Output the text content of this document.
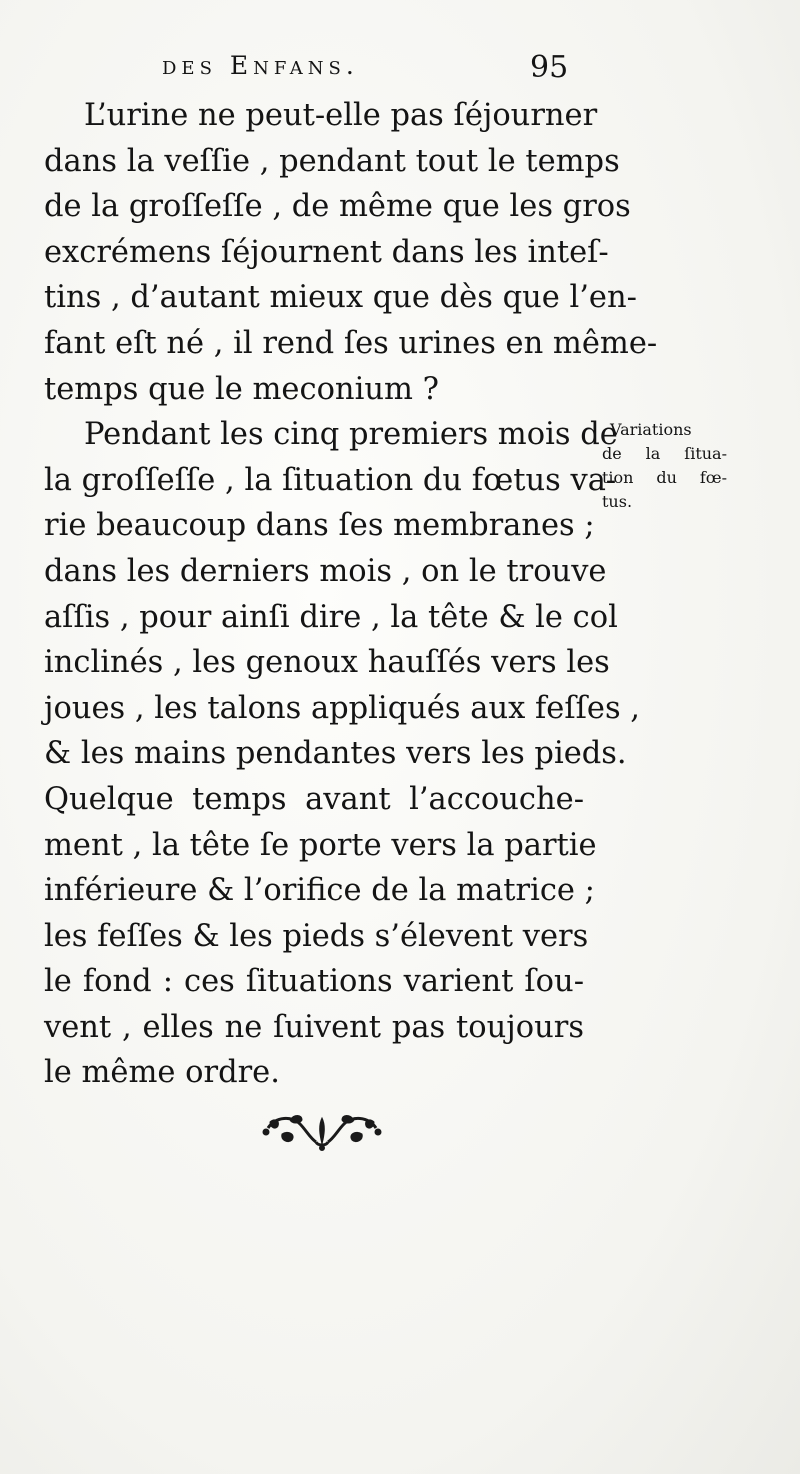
des Enfans.	95
L’urine ne peut-elle pas ſéjourner
dans la veſſie , pendant tout le temps
de la groſſeſſe , de même que les gros
excrémens ſéjournent dans les inteſ-
tins , d’autant mieux que dès que l’en-
fant eſt né , il rend ſes urines en même-
temps que le meconium ?
Pendant les cinq premiers mois de
la groſſeſſe , la ſituation du fœtus va-
rie beaucoup dans ſes membranes ;
dans les derniers mois , on le trouve
aſſis , pour ainſi dire , la tête & le col
inclinés , les genoux hauſſés vers les
joues , les talons appliqués aux feſſes ,
& les mains pendantes vers les pieds.
Quelque temps avant l’accouche-
ment , la tête ſe porte vers la partie
inférieure & l’orifice de la matrice ;
les feſſes & les pieds s’élevent vers
le fond : ces ſituations varient ſou-
vent , elles ne ſuivent pas toujours
le même ordre.
Variations
de la ſitua-
tion du fœ-
tus.
